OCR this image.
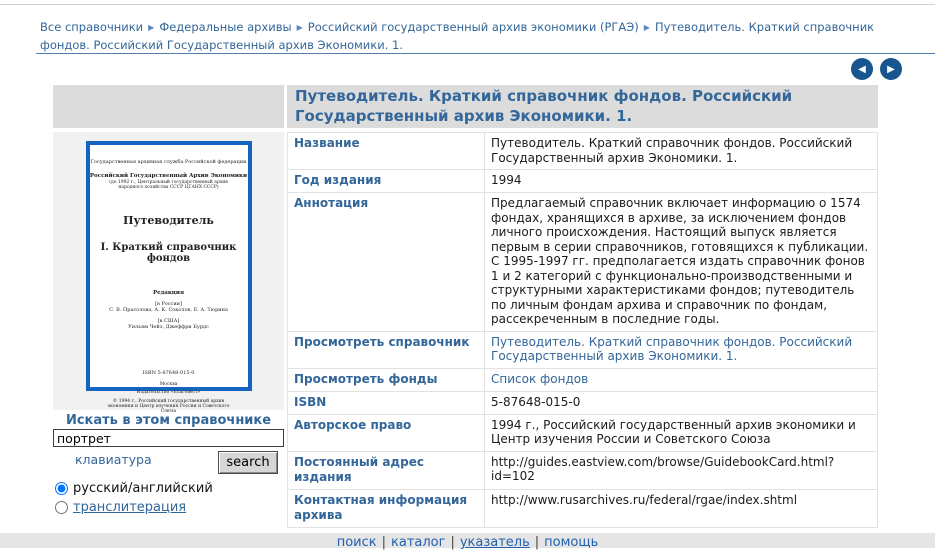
Все справочники ▶ Федеральные архивы ▶ Российский государственный архив экономики (РГАЭ) ▶ Путеводитель. Краткий справочник фондов. Российский Государственный архив Экономики. 1.
◀ ▶
Путеводитель. Краткий справочник фондов. Российский Государственный архив Экономики. 1.
Государственная архивная служба Российской федерации
Российский Государственный Архив Экономики
(до 1992 г., Центральный государственный архив народного хозяйства СССР ЦГАНХ СССР)
Путеводитель
I. Краткий справочник фондов
Редакция
[в России]
С. В. Прасолова, А. К. Соколов, Е. А. Тюрина
[в США]
Уильям Чейз, Джеффри Бурдс
ISBN 5-87648-015-0
Москва
Издательство «Благовест»
© 1994 г., Российский государственный архив экономики и Центр изучения России и Советского Союза
Искать в этом справочнике
портрет
клавиатура	search
русский/английский
транслитерация
Название	Путеводитель. Краткий справочник фондов. Российский Государственный архив Экономики. 1.
Год издания	1994
Аннотация	Предлагаемый справочник включает информацию о 1574 фондах, хранящихся в архиве, за исключением фондов личного происхождения. Настоящий выпуск является первым в серии справочников, готовящихся к публикации. С 1995-1997 гг. предполагается издать справочник фонов 1 и 2 категорий с функционально-производственными и структурными характеристиками фондов; путеводитель по личным фондам архива и справочник по фондам, рассекреченным в последние годы.
Просмотреть справочник	Путеводитель. Краткий справочник фондов. Российский Государственный архив Экономики. 1.
Просмотреть фонды	Список фондов
ISBN	5-87648-015-0
Авторское право	1994 г., Российский государственный архив экономики и Центр изучения России и Советского Союза
Постоянный адрес издания	http://guides.eastview.com/browse/GuidebookCard.html?id=102
Контактная информация архива	http://www.rusarchives.ru/federal/rgae/index.shtml
поиск | каталог | указатель | помощь
